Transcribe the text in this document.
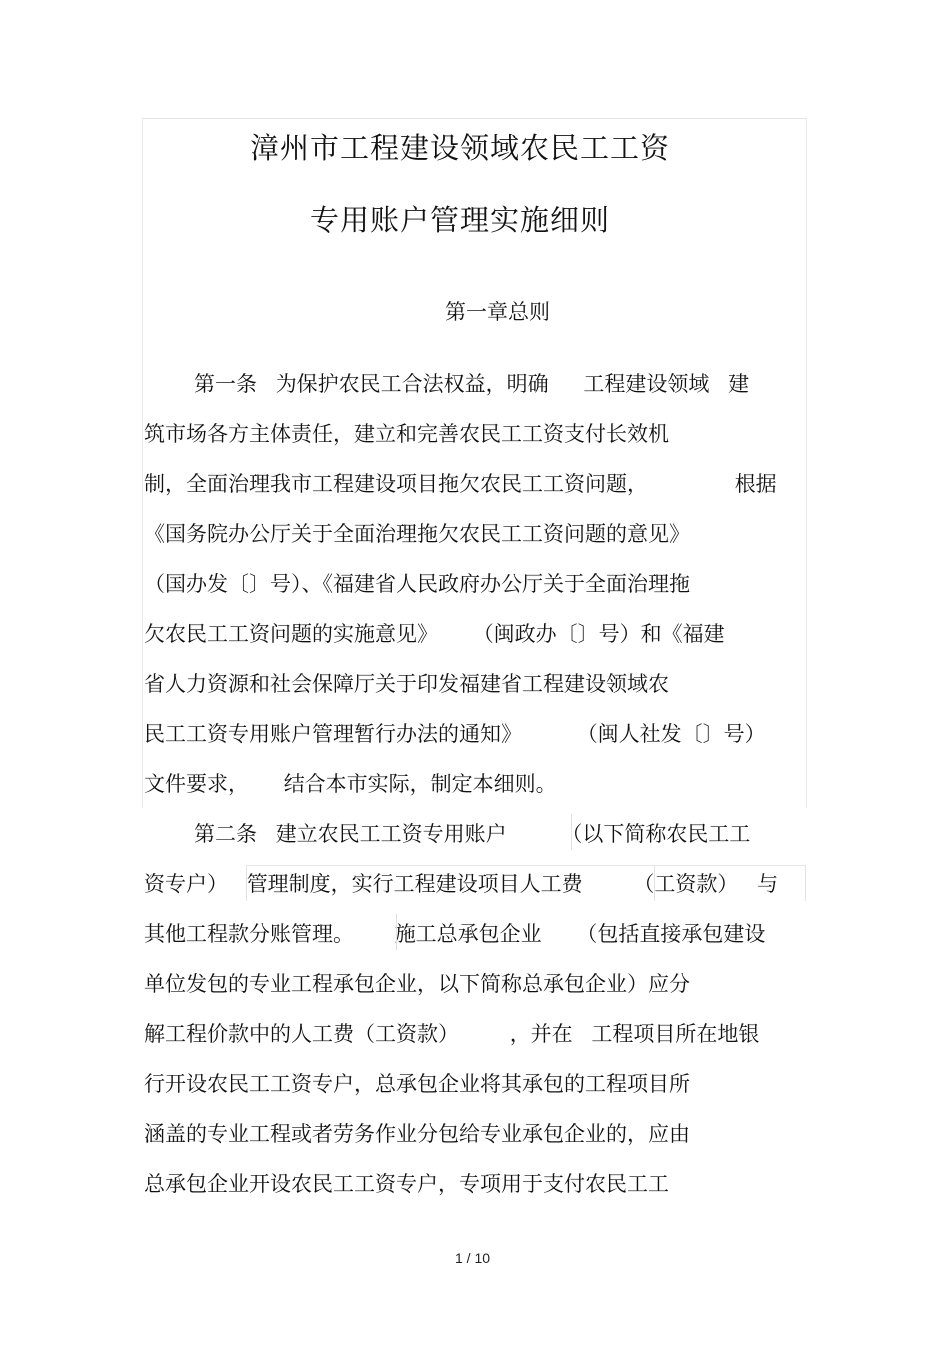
漳州市工程建设领域农民工工资
专用账户管理实施细则
第一章总则
第一条 为保护农民工合法权益，明确 工程建设领域 建
筑市场各方主体责任，建立和完善农民工工资支付长效机
制，全面治理我市工程建设项目拖欠农民工工资问题，	根据
《国务院办公厅关于全面治理拖欠农民工工资问题的意见》
（国办发〔〕号）、《福建省人民政府办公厅关于全面治理拖
欠农民工工资问题的实施意见》 （闽政办〔〕号）和《福建
省人力资源和社会保障厅关于印发福建省工程建设领域农
民工工资专用账户管理暂行办法的通知》	（闽人社发〔〕号）
文件要求， 结合本市实际，制定本细则。
第二条 建立农民工工资专用账户	（以下简称农民工工
资专户） 管理制度，实行工程建设项目人工费 （工资款） 与
其他工程款分账管理。 施工总承包企业 （包括直接承包建设
单位发包的专业工程承包企业，以下简称总承包企业）应分
解工程价款中的人工费（工资款） ，并在 工程项目所在地银
行开设农民工工资专户，总承包企业将其承包的工程项目所
涵盖的专业工程或者劳务作业分包给专业承包企业的，应由
总承包企业开设农民工工资专户，专项用于支付农民工工
1 / 10
